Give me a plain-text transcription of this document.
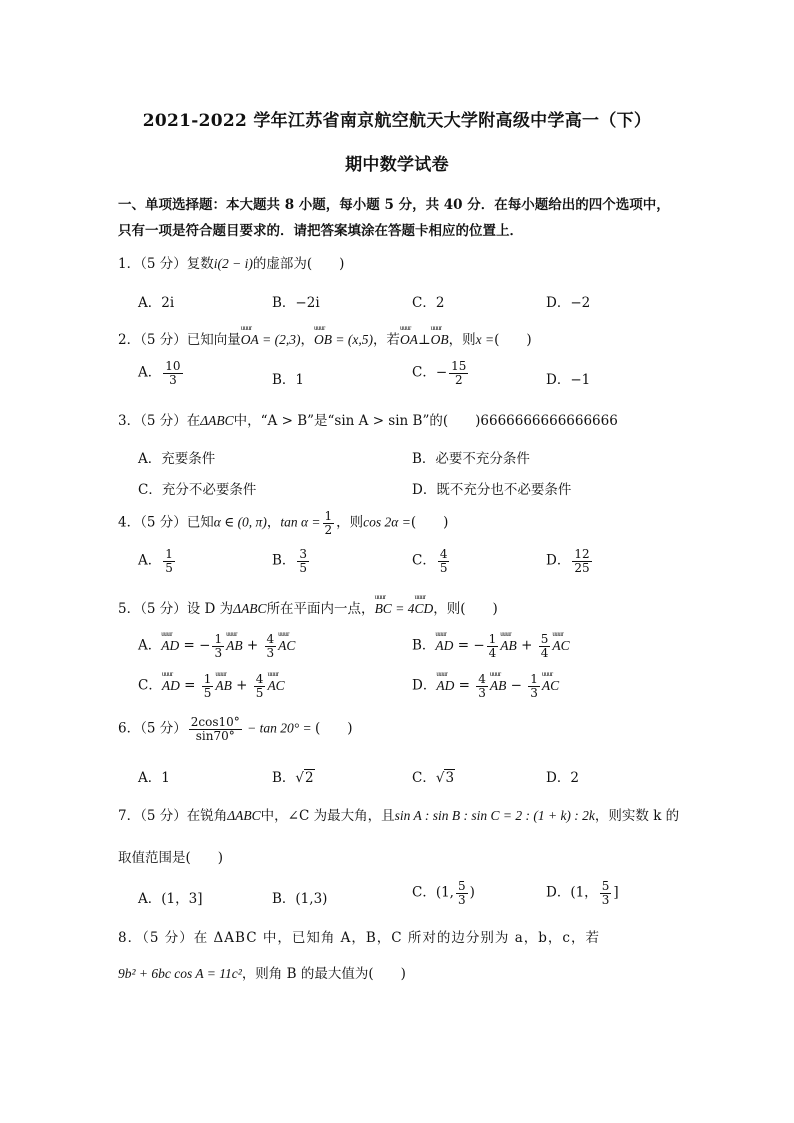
2021-2022 学年江苏省南京航空航天大学附高级中学高一（下）
期中数学试卷
一、单项选择题：本大题共 8 小题，每小题 5 分，共 40 分．在每小题给出的四个选项中，
只有一项是符合题目要求的．请把答案填涂在答题卡相应的位置上．
1．（5 分）复数i(2 − i)的虚部为(　　)
A．2i	B．−2i	C．2	D．−2
2．（5 分）已知向量uuur OA = (2,3)，uuur OB = (x,5)，若uuur OA⊥uuur OB，则x =(　　)
A． $\frac{10}{3}$	B．1	C．− $\frac{15}{2}$	D．−1
3．（5 分）在ΔABC中，“A > B”是“sin A > sin B”的(　　)6666666666666666
A．充要条件	B．必要不充分条件
C．充分不必要条件	D．既不充分也不必要条件
4．（5 分）已知α ∈ (0, π)，$\tan \alpha = \frac{1}{2}$ ，则cos 2α =(　　)
A． $\frac{1}{5}$	B． $\frac{3}{5}$	C． $\frac{4}{5}$	D． $\frac{12}{25}$
5．（5 分）设 D 为ΔABC所在平面内一点，uuur BC = 4uuur CD，则(　　)
A．uuur AD = − $\frac{1}{3}$ uuur AB + $\frac{4}{3}$ uuur AC	B．uuur AD = − $\frac{1}{4}$ uuur AB + $\frac{5}{4}$ uuur AC
C．uuur AD = $\frac{1}{5}$ uuur AB + $\frac{4}{5}$ uuur AC	D．uuur AD = $\frac{4}{3}$ uuur AB − $\frac{1}{3}$ uuur AC
6．（5 分） $\frac{2\cos 10^\circ}{\sin 70^\circ} - \tan 20^\circ$ = (　　)
A．1	B．√2	C．√3	D．2
7．（5 分）在锐角ΔABC中，∠C 为最大角，且sin A : sin B : sin C = 2 : (1 + k) : 2k，则实数 k 的
取值范围是(　　)
A．(1，3]	B．(1,3)	C．(1, $\frac{5}{3}$ )	D．(1， $\frac{5}{3}$ ]
8．（5 分）在 ΔABC 中，已知角 A，B，C 所对的边分别为 a，b，c，若
9b² + 6bc cos A = 11c²，则角 B 的最大值为(　　)
